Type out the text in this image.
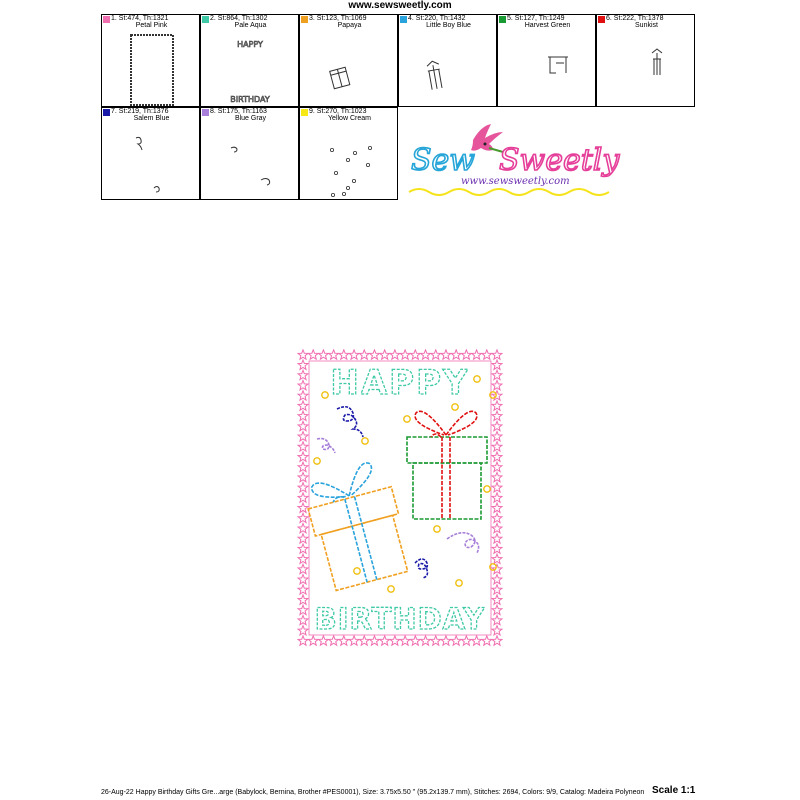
www.sewsweetly.com
1. St:474, Th:1321
Petal Pink
2. St:864, Th:1302
Pale Aqua
HAPPY
BIRTHDAY
3. St:123, Th:1069
Papaya
4. St:220, Th:1432
Little Boy Blue
5. St:127, Th:1249
Harvest Green
6. St:222, Th:1378
Sunkist
7. St:219, Th:1376
Salem Blue
8. St:175, Th:1163
Blue Gray
9. St:270, Th:1023
Yellow Cream
Sew Sweetly
www.sewsweetly.com
HAPPY
BIRTHDAY
26-Aug-22 Happy Birthday Gifts Gre...arge (Babylock, Bernina, Brother #PES0001), Size: 3.75x5.50 " (95.2x139.7 mm), Stitches: 2694, Colors: 9/9, Catalog: Madeira Polyneon Scale 1:1
